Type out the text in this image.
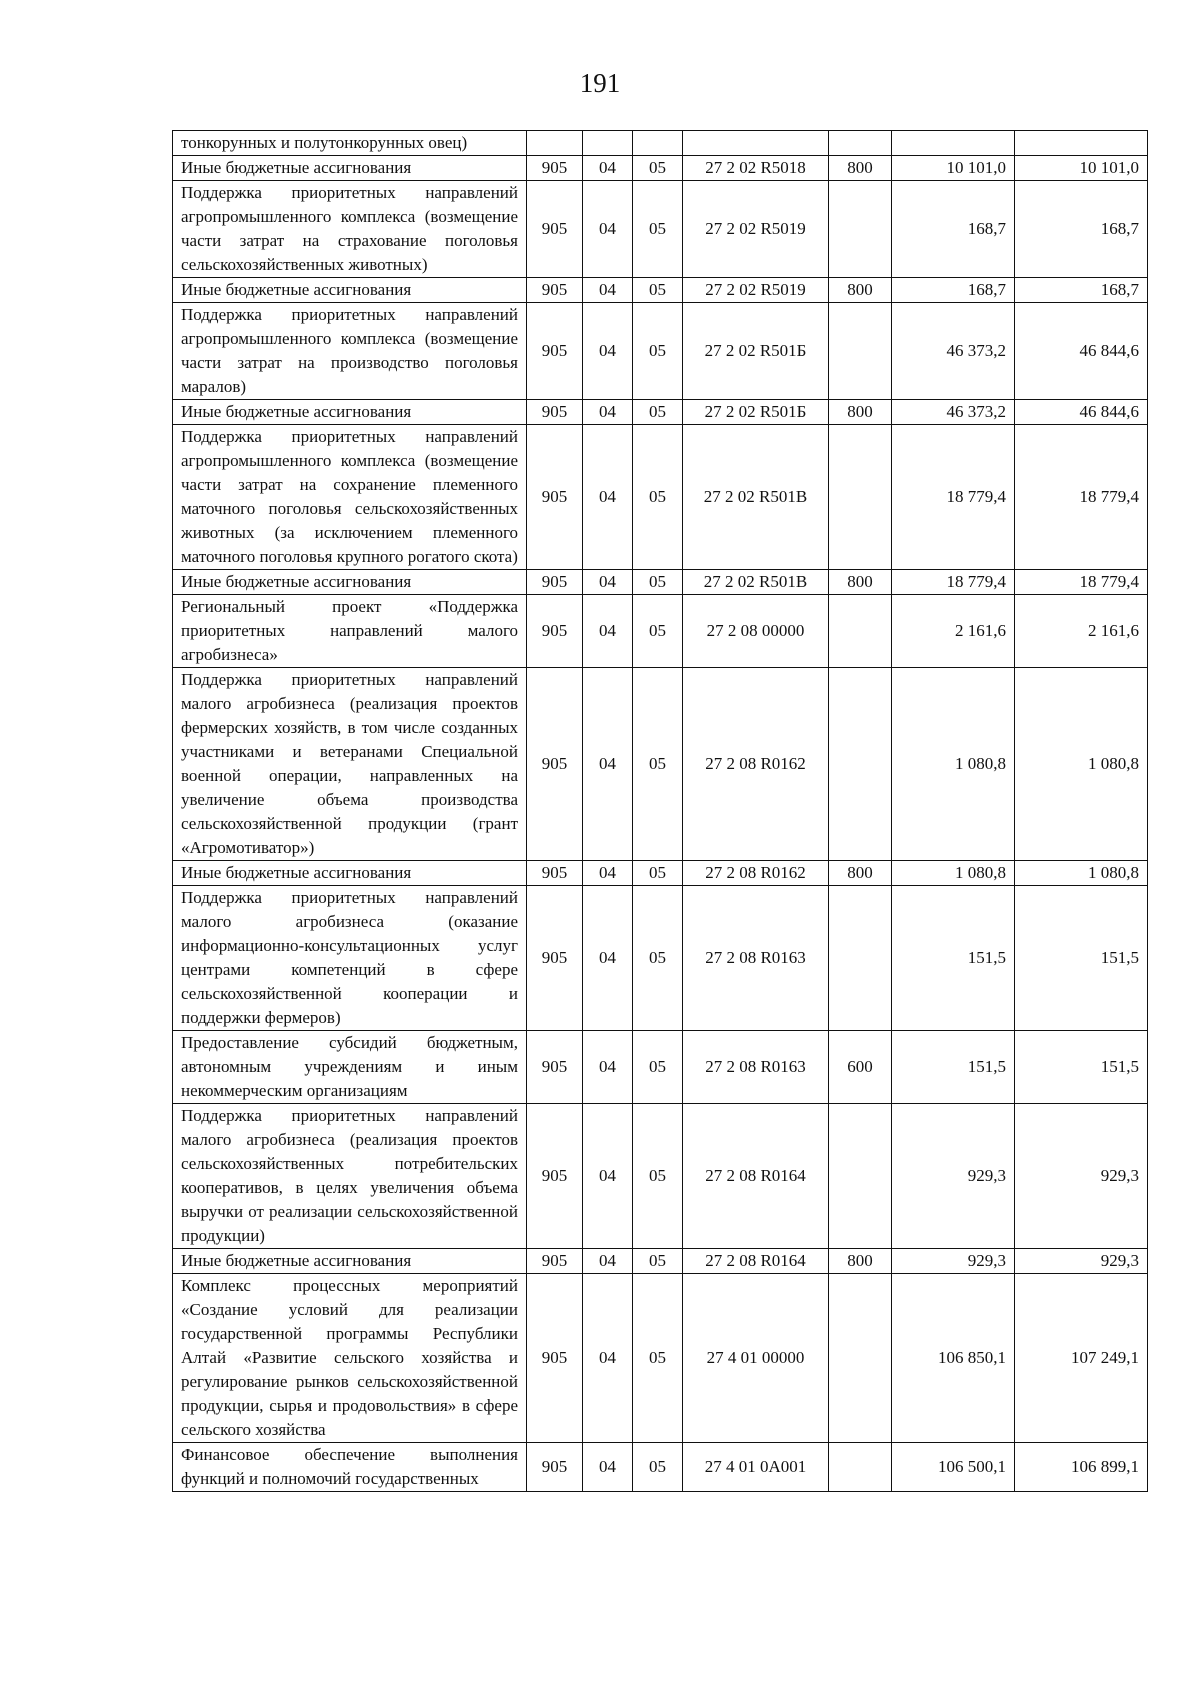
191
тонкорунных и полутонкорунных овец)							
Иные бюджетные ассигнования	905	04	05	27 2 02 R5018	800	10 101,0	10 101,0
Поддержка приоритетных направлений агропромышленного комплекса (возмещение части затрат на страхование поголовья сельскохозяйственных животных)	905	04	05	27 2 02 R5019		168,7	168,7
Иные бюджетные ассигнования	905	04	05	27 2 02 R5019	800	168,7	168,7
Поддержка приоритетных направлений агропромышленного комплекса (возмещение части затрат на производство поголовья маралов)	905	04	05	27 2 02 R501Б		46 373,2	46 844,6
Иные бюджетные ассигнования	905	04	05	27 2 02 R501Б	800	46 373,2	46 844,6
Поддержка приоритетных направлений агропромышленного комплекса (возмещение части затрат на сохранение племенного маточного поголовья сельскохозяйственных животных (за исключением племенного маточного поголовья крупного рогатого скота)	905	04	05	27 2 02 R501В		18 779,4	18 779,4
Иные бюджетные ассигнования	905	04	05	27 2 02 R501В	800	18 779,4	18 779,4
Региональный проект «Поддержка приоритетных направлений малого агробизнеса»	905	04	05	27 2 08 00000		2 161,6	2 161,6
Поддержка приоритетных направлений малого агробизнеса (реализация проектов фермерских хозяйств, в том числе созданных участниками и ветеранами Специальной военной операции, направленных на увеличение объема производства сельскохозяйственной продукции (грант «Агромотиватор»)	905	04	05	27 2 08 R0162		1 080,8	1 080,8
Иные бюджетные ассигнования	905	04	05	27 2 08 R0162	800	1 080,8	1 080,8
Поддержка приоритетных направлений малого агробизнеса (оказание информационно-консультационных услуг центрами компетенций в сфере сельскохозяйственной кооперации и поддержки фермеров)	905	04	05	27 2 08 R0163		151,5	151,5
Предоставление субсидий бюджетным, автономным учреждениям и иным некоммерческим организациям	905	04	05	27 2 08 R0163	600	151,5	151,5
Поддержка приоритетных направлений малого агробизнеса (реализация проектов сельскохозяйственных потребительских кооперативов, в целях увеличения объема выручки от реализации сельскохозяйственной продукции)	905	04	05	27 2 08 R0164		929,3	929,3
Иные бюджетные ассигнования	905	04	05	27 2 08 R0164	800	929,3	929,3
Комплекс процессных мероприятий «Создание условий для реализации государственной программы Республики Алтай «Развитие сельского хозяйства и регулирование рынков сельскохозяйственной продукции, сырья и продовольствия» в сфере сельского хозяйства	905	04	05	27 4 01 00000		106 850,1	107 249,1
Финансовое обеспечение выполнения функций и полномочий государственных	905	04	05	27 4 01 0А001		106 500,1	106 899,1
